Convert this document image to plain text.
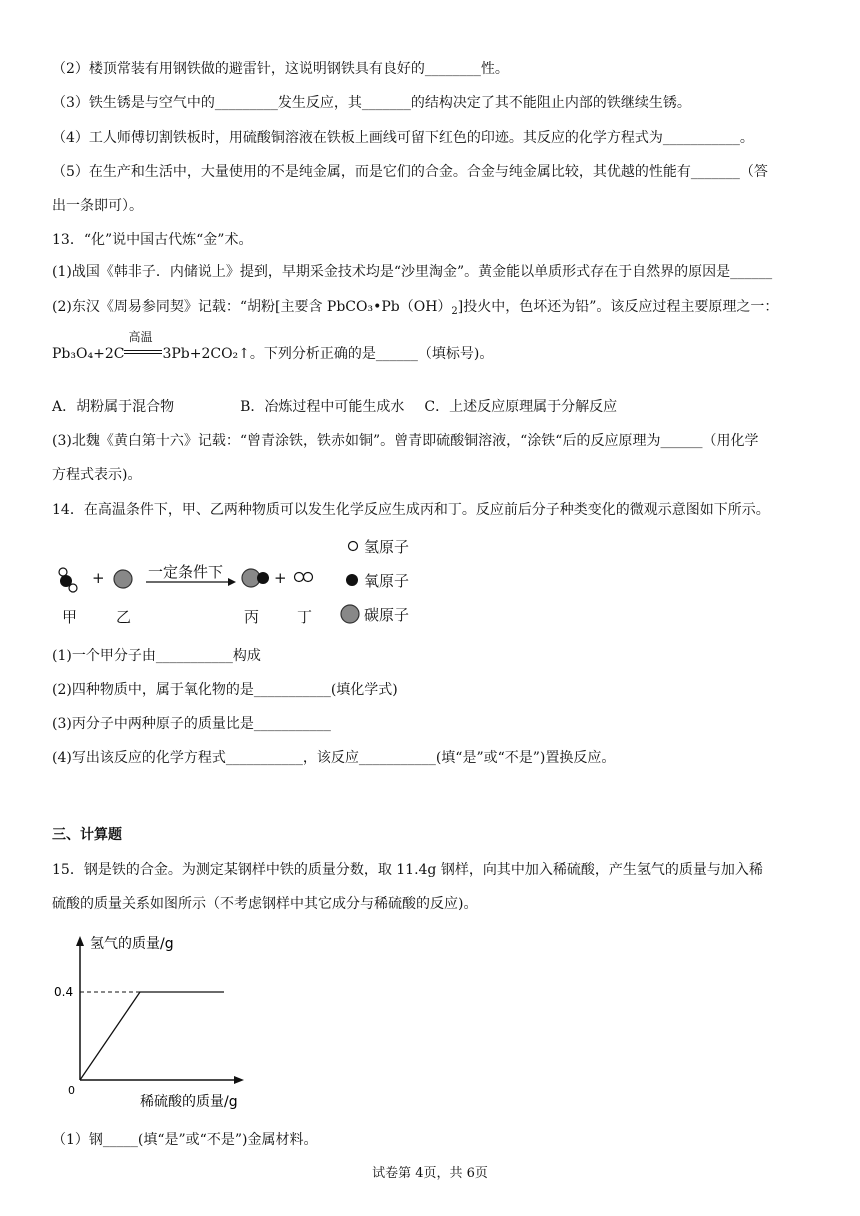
（2）楼顶常装有用钢铁做的避雷针，这说明钢铁具有良好的________性。
（3）铁生锈是与空气中的_________发生反应，其_______的结构决定了其不能阻止内部的铁继续生锈。
（4）工人师傅切割铁板时，用硫酸铜溶液在铁板上画线可留下红色的印迹。其反应的化学方程式为___________。
（5）在生产和生活中，大量使用的不是纯金属，而是它们的合金。合金与纯金属比较，其优越的性能有_______（答
出一条即可）。
13．“化”说中国古代炼“金”术。
(1)战国《韩非子．内储说上》提到，早期采金技术均是“沙里淘金”。黄金能以单质形式存在于自然界的原因是______
(2)东汉《周易参同契》记载：“胡粉[主要含 $PbCO_3•Pb(OH)_2$]投火中，色坏还为铅”。该反应过程主要原理之一：
Pb₃O₄+2C
高温
3Pb+2CO₂↑。下列分析正确的是______（填标号)。
A．胡粉属于混合物	B．冶炼过程中可能生成水 C．上述反应原理属于分解反应
(3)北魏《黄白第十六》记载：“曾青涂铁，铁赤如铜”。曾青即硫酸铜溶液，“涂铁“后的反应原理为______（用化学
方程式表示)。
14．在高温条件下，甲、乙两种物质可以发生化学反应生成丙和丁。反应前后分子种类变化的微观示意图如下所示。
+	一定条件下	+
甲	乙	丙	丁
氢原子
氧原子
碳原子
(1)一个甲分子由___________构成
(2)四种物质中，属于氧化物的是___________(填化学式)
(3)丙分子中两种原子的质量比是___________
(4)写出该反应的化学方程式___________，该反应___________(填“是”或“不是”)置换反应。
三、计算题
15．钢是铁的合金。为测定某钢样中铁的质量分数，取 11.4g 钢样，向其中加入稀硫酸，产生氢气的质量与加入稀
硫酸的质量关系如图所示（不考虑钢样中其它成分与稀硫酸的反应)。
氢气的质量/g
稀硫酸的质量/g
0
0.4
（1）钢_____(填“是”或“不是”)金属材料。
试卷第 4页，共 6页
